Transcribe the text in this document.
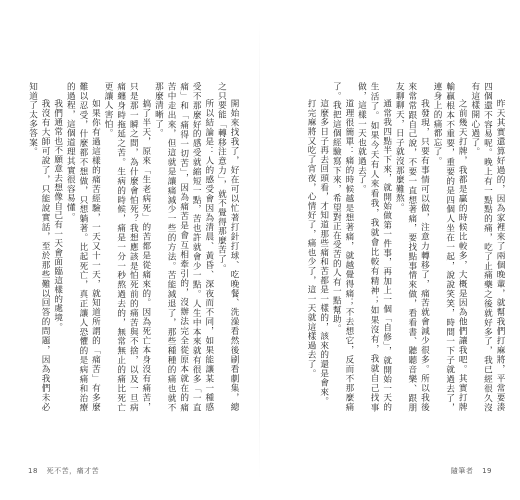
開始來找我了，好在可以忙著打針打球、吃晚餐、洗澡看然後刷看劇集，總之只要能「轉移注意力」，就不覺得那麼苦了。

所以結論是：人的感受會因為清晨、黃昏、深夜而不同，如果能讓某一種感受不那麼好的感受就縮短一點，苦也許就會少一點。人生中本來就有很多「一直痛」和「痛得一切苦」，因為痛苦是會互相牽引的，沒辦法完全從原本就在的痛苦中走出來，但這就是讓痛減少一些的方法。苦能減退了，那些種種的痛也就不那麼清晰了。

搞了半天，原來「生老病死」的苦都是從痛來的。因為死亡本身沒有痛苦，只是那一瞬之間，為什麼會怕死？我想應該是怕死前的痛苦與不捨，以及一旦病痛纏身時拖延之苦。生病的時候，痛是一分一秒熬過去的，無常無止的痛比死亡更讓人害怕。

如果你有過這樣的痛苦經驗，一天又十一天，就知道所謂的「痛苦」有多麼難以忍受，什麼都不想做，只想躺著。比起死亡，真正讓人恐懼的是病痛和治療的過程，這個道理其實很容易懂。

我們通常也不願意去想像自己有一天會面臨這樣的處境。

我沒有大師可說了，只能說實話，至於那些難以回答的問題，因為我們未必知道了太多答案。

18 死不苦，痛才苦

昨天其實還算好過的，因為家裡來了兩個晚輩，就幫我們打麻將，平常要湊四個還不容易呢。晚上有一點點的痛，吃了止痛藥之後就好多了，我已經很久沒有這樣開心過了。

之前幾天打牌，我都是贏的時候比較多，大概是因為他們讓我吧。其實打牌輸贏根本不重要，重要的是四個人坐在一起，說說笑笑，時間一下子就過去了，連身上的痛都忘了。

我發現，只要有事情可以做，注意力轉移了，痛苦就會減少很多。所以我後來常常跟自己說，不要一直想著痛，要找點事情來做，看看書、聽聽音樂、跟朋友聊聊天，日子就沒那麼難熬。

通常我四點半下來，就開始做第一件事，再加上一個「自修」，就開始一天的生活了。如果今天有人來看我，我就會比較有精神；如果沒有，我就自己找事做，這樣一天也就過去了。

道理很簡單：痛的時候越是想著痛，就越覺得痛；不去想它，反而不那麼痛了。我把這個經驗寫下來，希望對正在受苦的人有一點幫助。

這麼多日子再去回頭看，才知道那些痛和苦都是一樣的，該來的還是會來。

打完麻將又吃了宵夜，心情好了，痛也少了，這一天就這樣過去了。

隨筆者 19
